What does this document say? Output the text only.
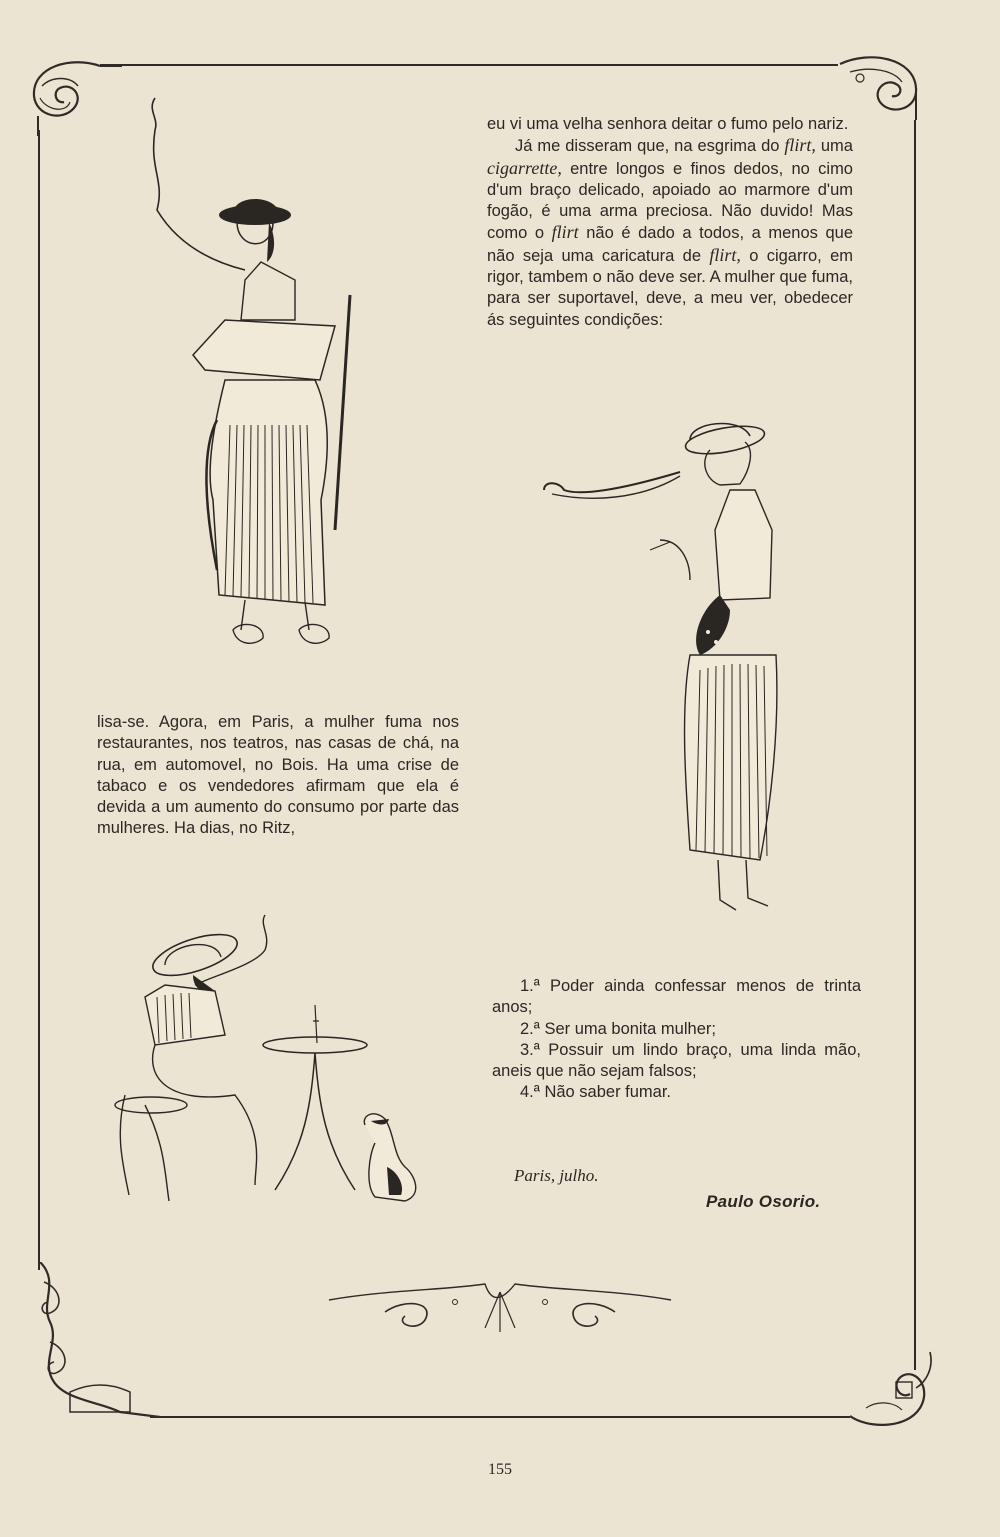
eu vi uma velha senhora deitar o fumo pelo nariz.

Já me disseram que, na esgrima do flirt, uma cigarrette, entre longos e finos dedos, no cimo d'um braço delicado, apoiado ao marmore d'um fogão, é uma arma preciosa. Não duvido! Mas como o flirt não é dado a todos, a menos que não seja uma caricatura de flirt, o cigarro, em rigor, tambem o não deve ser. A mulher que fuma, para ser suportavel, deve, a meu ver, obedecer ás seguintes condições:

lisa-se. Agora, em Paris, a mulher fuma nos restaurantes, nos teatros, nas casas de chá, na rua, em automovel, no Bois. Ha uma crise de tabaco e os vendedores afirmam que ela é devida a um aumento do consumo por parte das mulheres. Ha dias, no Ritz,

1.ª Poder ainda confessar menos de trinta anos;

2.ª Ser uma bonita mulher;

3.ª Possuir um lindo braço, uma linda mão, aneis que não sejam falsos;

4.ª Não saber fumar.

Paris, julho.
Paulo Osorio.
155
